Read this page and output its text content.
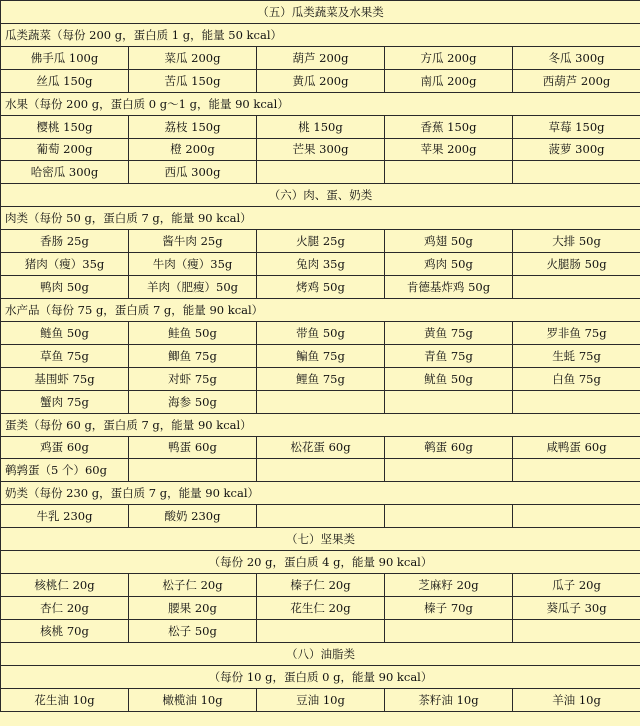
（五）瓜类蔬菜及水果类				
瓜类蔬菜（每份 200 g，蛋白质 1 g，能量 50 kcal）				
佛手瓜 100g	菜瓜 200g	葫芦 200g	方瓜 200g	冬瓜 300g
丝瓜 150g	苦瓜 150g	黄瓜 200g	南瓜 200g	西葫芦 200g
水果（每份 200 g，蛋白质 0 g～1 g，能量 90 kcal）				
樱桃 150g	荔枝 150g	桃 150g	香蕉 150g	草莓 150g
葡萄 200g	橙 200g	芒果 300g	苹果 200g	菠萝 300g
哈密瓜 300g	西瓜 300g			
（六）肉、蛋、奶类				
肉类（每份 50 g，蛋白质 7 g，能量 90 kcal）				
香肠 25g	酱牛肉 25g	火腿 25g	鸡翅 50g	大排 50g
猪肉（瘦）35g	牛肉（瘦）35g	兔肉 35g	鸡肉 50g	火腿肠 50g
鸭肉 50g	羊肉（肥瘦）50g	烤鸡 50g	肯德基炸鸡 50g	
水产品（每份 75 g，蛋白质 7 g，能量 90 kcal）				
鲢鱼 50g	鲑鱼 50g	带鱼 50g	黄鱼 75g	罗非鱼 75g
草鱼 75g	鲫鱼 75g	鳊鱼 75g	青鱼 75g	生蚝 75g
基围虾 75g	对虾 75g	鲤鱼 75g	鱿鱼 50g	白鱼 75g
蟹肉 75g	海参 50g			
蛋类（每份 60 g，蛋白质 7 g，能量 90 kcal）				
鸡蛋 60g	鸭蛋 60g	松花蛋 60g	鹌蛋 60g	咸鸭蛋 60g
鹌鹑蛋（5 个）60g				
奶类（每份 230 g，蛋白质 7 g，能量 90 kcal）				
牛乳 230g	酸奶 230g			
（七）坚果类				
（每份 20 g，蛋白质 4 g，能量 90 kcal）				
核桃仁 20g	松子仁 20g	榛子仁 20g	芝麻籽 20g	瓜子 20g
杏仁 20g	腰果 20g	花生仁 20g	榛子 70g	葵瓜子 30g
核桃 70g	松子 50g			
（八）油脂类				
（每份 10 g，蛋白质 0 g，能量 90 kcal）				
花生油 10g	橄榄油 10g	豆油 10g	茶籽油 10g	羊油 10g
